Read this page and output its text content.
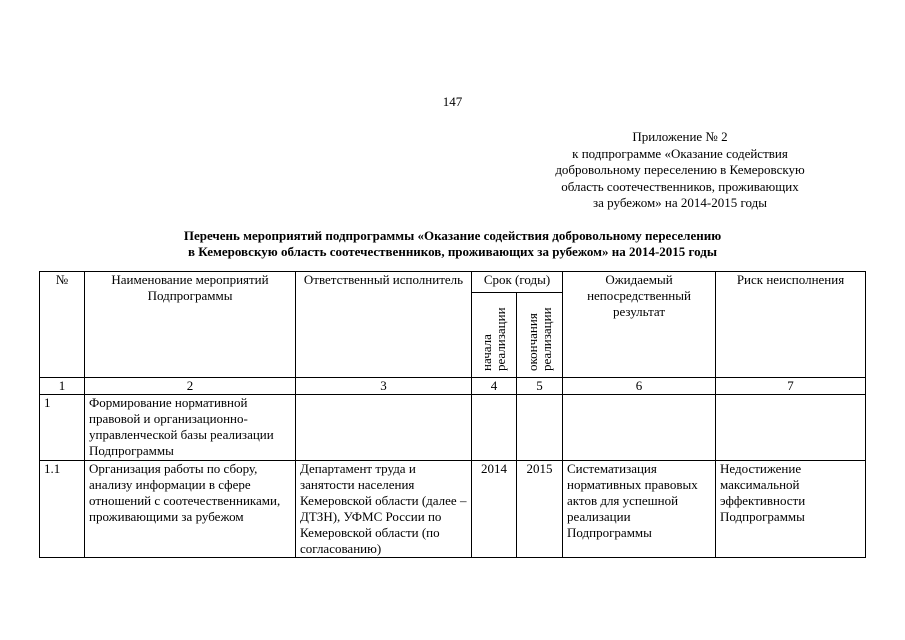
147
Приложение № 2
к подпрограмме «Оказание содействия
добровольному переселению в Кемеровскую
область соотечественников, проживающих
за рубежом» на 2014-2015 годы
Перечень мероприятий подпрограммы «Оказание содействия добровольному переселению
в Кемеровскую область соотечественников, проживающих за рубежом» на 2014-2015 годы
№	Наименование мероприятий Подпрограммы	Ответственный исполнитель	Срок (годы)		Ожидаемый непосредственный результат	Риск неисполнения
			начала реализации	окончания реализации		
1	2	3	4	5	6	7
1	Формирование нормативной правовой и организационно-управленческой базы реализации Подпрограммы					
1.1	Организация работы по сбору, анализу информации в сфере отношений с соотечественниками, проживающими за рубежом	Департамент труда и занятости населения Кемеровской области (далее – ДТЗН), УФМС России по Кемеровской области (по согласованию)	2014	2015	Систематизация нормативных правовых актов для успешной реализации Подпрограммы	Недостижение максимальной эффективности Подпрограммы
